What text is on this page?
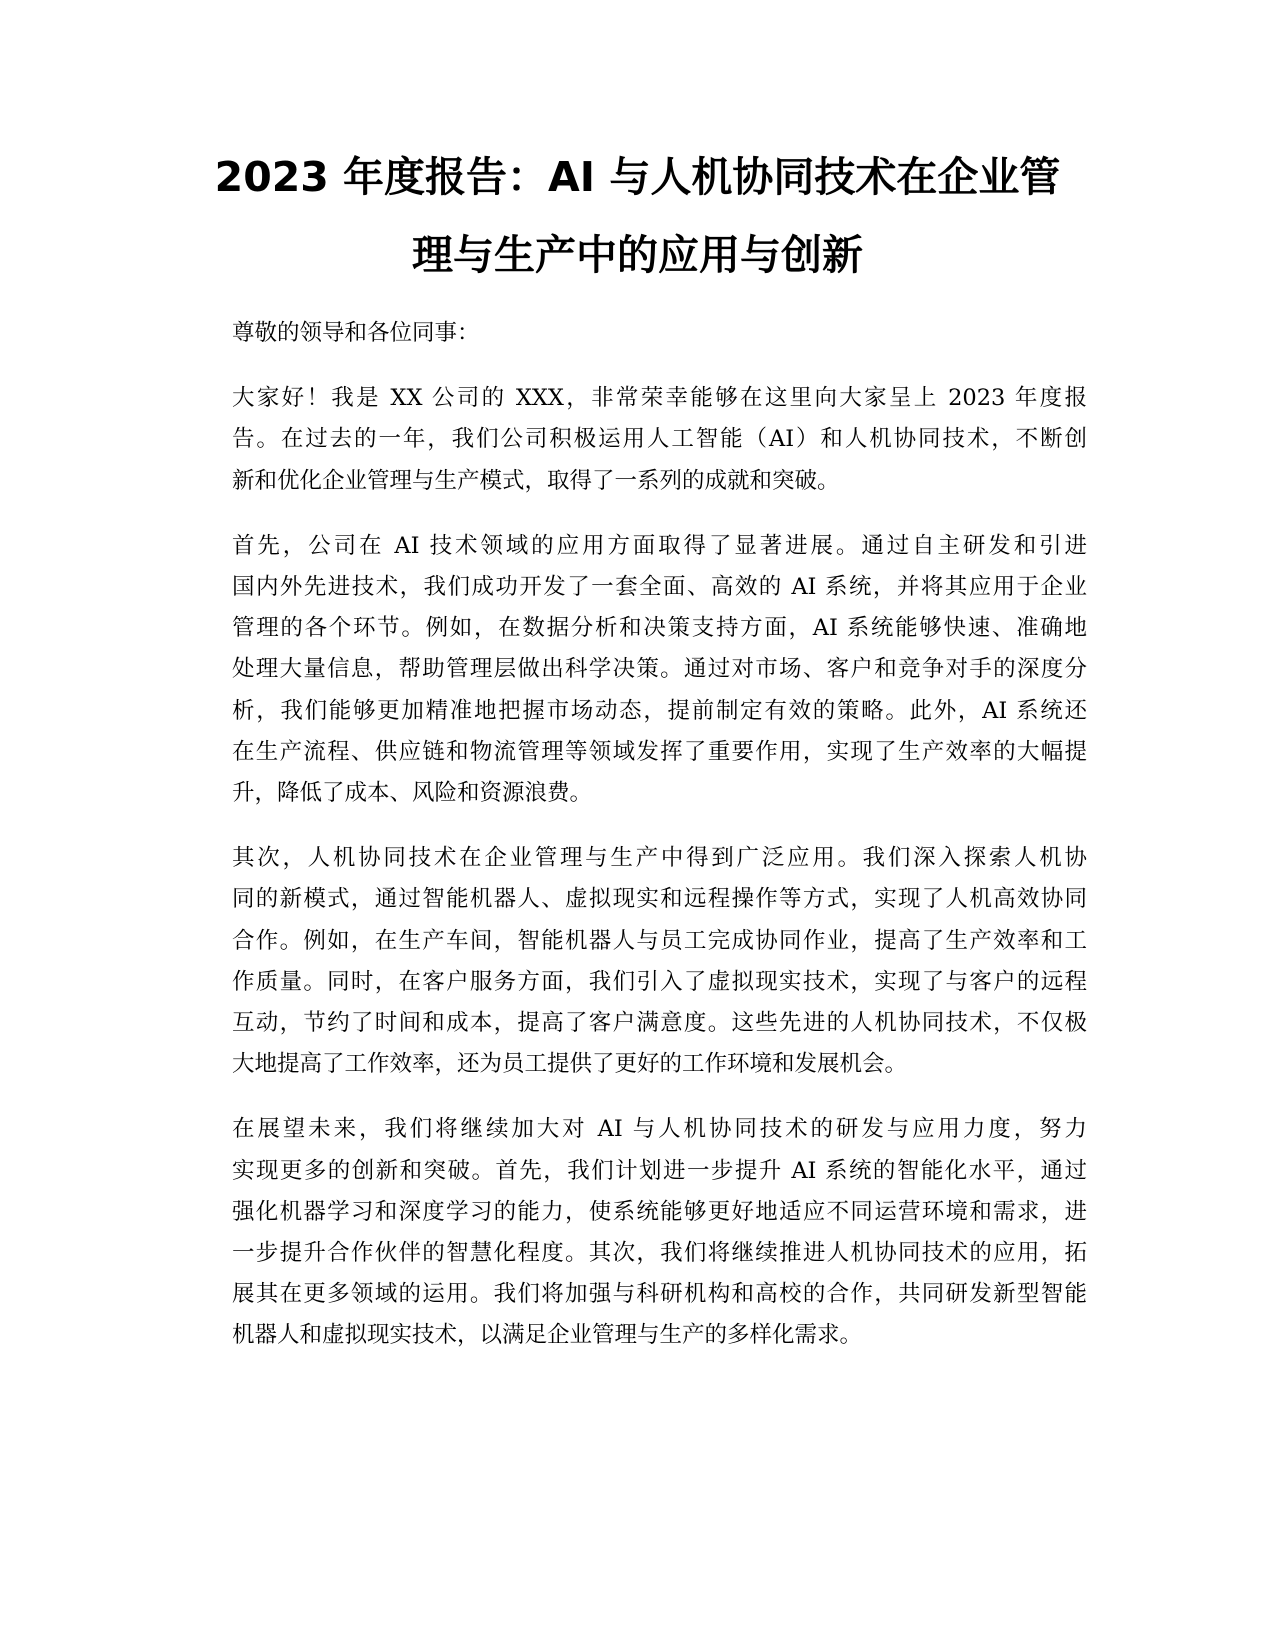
2023 年度报告：AI 与人机协同技术在企业管
理与生产中的应用与创新

尊敬的领导和各位同事：

大家好！我是 XX 公司的 XXX，非常荣幸能够在这里向大家呈上 2023 年度报
告。在过去的一年，我们公司积极运用人工智能（AI）和人机协同技术，不断创
新和优化企业管理与生产模式，取得了一系列的成就和突破。

首先，公司在 AI 技术领域的应用方面取得了显著进展。通过自主研发和引进
国内外先进技术，我们成功开发了一套全面、高效的 AI 系统，并将其应用于企业
管理的各个环节。例如，在数据分析和决策支持方面，AI 系统能够快速、准确地
处理大量信息，帮助管理层做出科学决策。通过对市场、客户和竞争对手的深度分
析，我们能够更加精准地把握市场动态，提前制定有效的策略。此外，AI 系统还
在生产流程、供应链和物流管理等领域发挥了重要作用，实现了生产效率的大幅提
升，降低了成本、风险和资源浪费。

其次，人机协同技术在企业管理与生产中得到广泛应用。我们深入探索人机协
同的新模式，通过智能机器人、虚拟现实和远程操作等方式，实现了人机高效协同
合作。例如，在生产车间，智能机器人与员工完成协同作业，提高了生产效率和工
作质量。同时，在客户服务方面，我们引入了虚拟现实技术，实现了与客户的远程
互动，节约了时间和成本，提高了客户满意度。这些先进的人机协同技术，不仅极
大地提高了工作效率，还为员工提供了更好的工作环境和发展机会。

在展望未来，我们将继续加大对 AI 与人机协同技术的研发与应用力度，努力
实现更多的创新和突破。首先，我们计划进一步提升 AI 系统的智能化水平，通过
强化机器学习和深度学习的能力，使系统能够更好地适应不同运营环境和需求，进
一步提升合作伙伴的智慧化程度。其次，我们将继续推进人机协同技术的应用，拓
展其在更多领域的运用。我们将加强与科研机构和高校的合作，共同研发新型智能
机器人和虚拟现实技术，以满足企业管理与生产的多样化需求。
